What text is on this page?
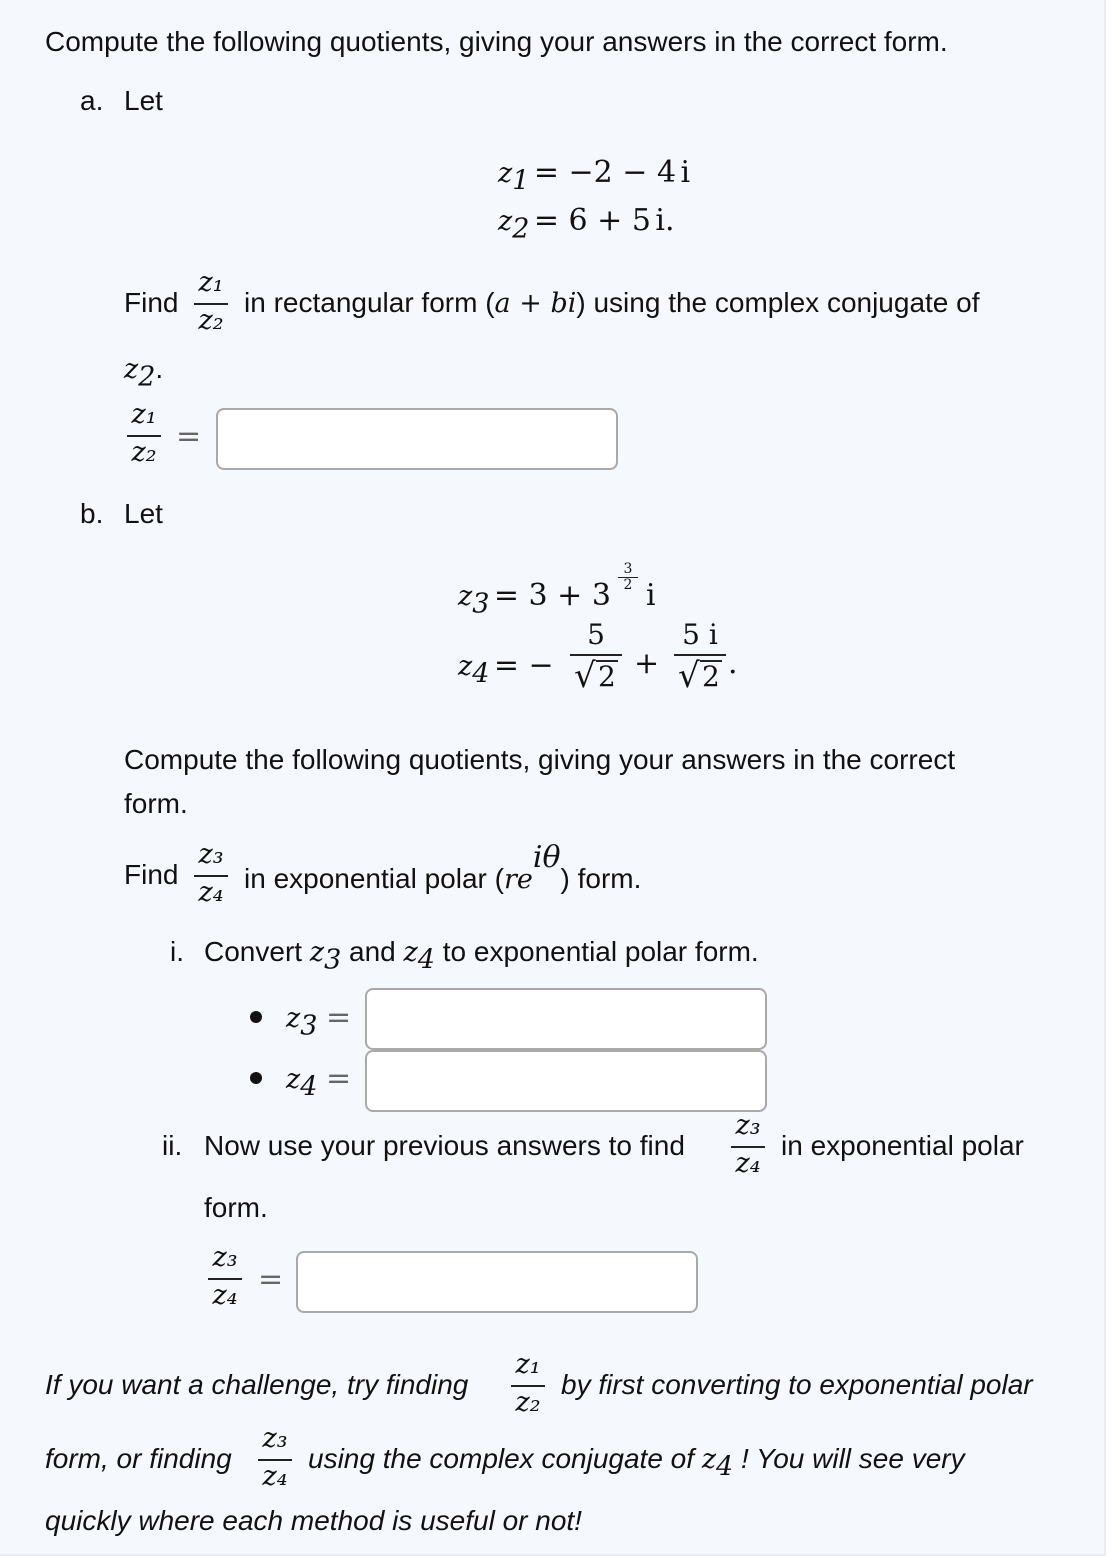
Compute the following quotients, giving your answers in the correct form.
a. Let
$z_1 = -2 - 4$ i
$z_2 = 6 + 5$ i.
Find
z₁
z₂
in rectangular form (a + bi) using the complex conjugate of
$z_2$.
z₁
z₂ =
b. Let
$z_3 = 3 + 3$
3
2 i
$z_4$ = −
5
√ 2 +
5 i
√ 2 .
Compute the following quotients, giving your answers in the correct
form.
Find
z₃
z₄ in exponential polar $(re^{i\theta})$ form.
i. Convert $z_3$ and $z_4$ to exponential polar form.
$z_3$ =
$z_4$ =
ii. Now use your previous answers to find
z₃
z₄
in exponential polar
form.
z₃
z₄ =
If you want a challenge, try finding
z₁
z₂
by first converting to exponential polar
form, or finding
z₃
z₄
using the complex conjugate of $z_4$ ! You will see very
quickly where each method is useful or not!
